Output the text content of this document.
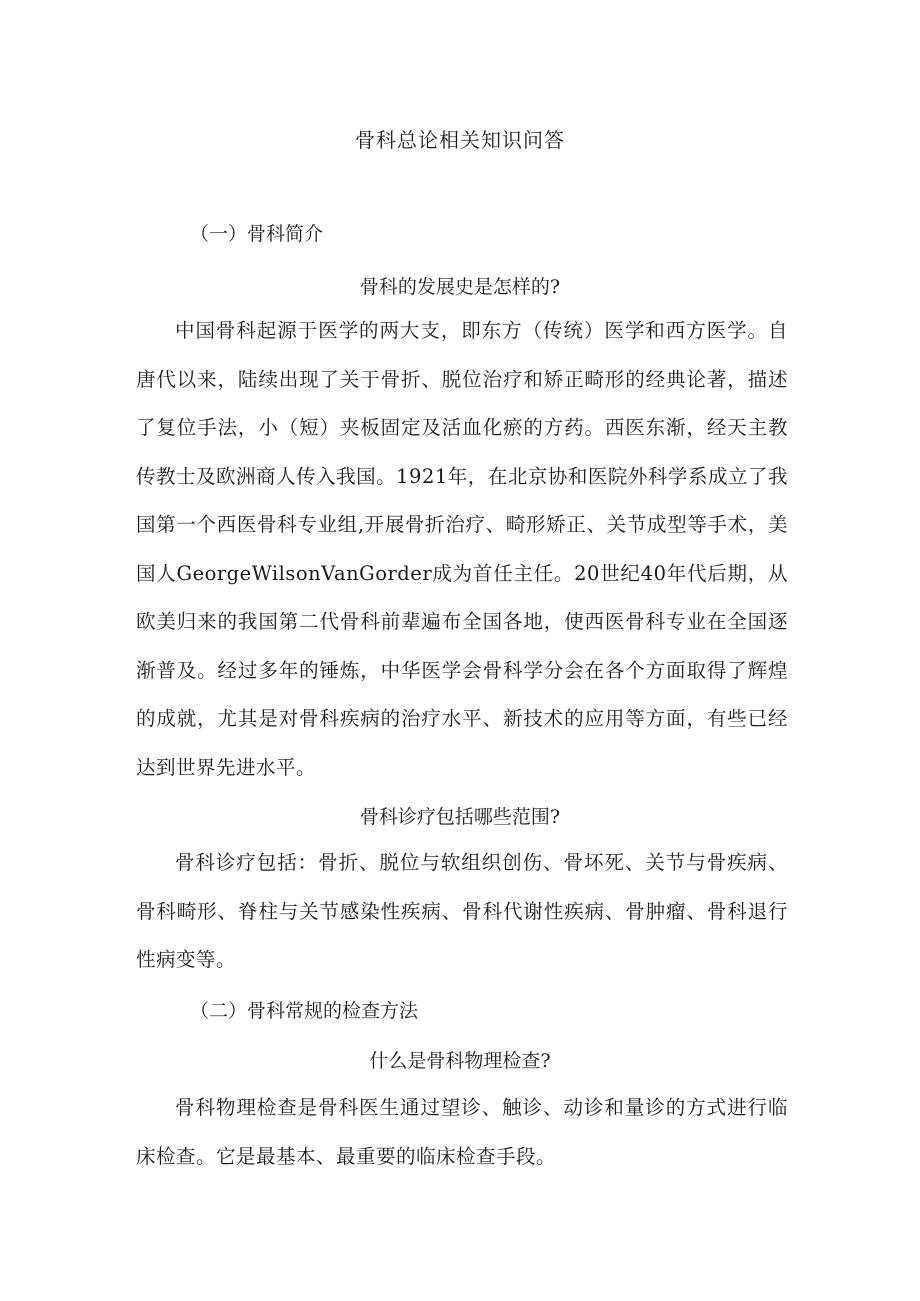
骨科总论相关知识问答
（一）骨科简介
骨科的发展史是怎样的?

中国骨科起源于医学的两大支，即东方（传统）医学和西方医学。自唐代以来，陆续出现了关于骨折、脱位治疗和矫正畸形的经典论著，描述了复位手法，小（短）夹板固定及活血化瘀的方药。西医东渐，经天主教传教士及欧洲商人传入我国。1921年，在北京协和医院外科学系成立了我国第一个西医骨科专业组,开展骨折治疗、畸形矫正、关节成型等手术，美国人GeorgeWilsonVanGorder成为首任主任。20世纪40年代后期，从欧美归来的我国第二代骨科前辈遍布全国各地，使西医骨科专业在全国逐渐普及。经过多年的锤炼，中华医学会骨科学分会在各个方面取得了辉煌的成就，尤其是对骨科疾病的治疗水平、新技术的应用等方面，有些已经达到世界先进水平。

骨科诊疗包括哪些范围?

骨科诊疗包括：骨折、脱位与软组织创伤、骨坏死、关节与骨疾病、骨科畸形、脊柱与关节感染性疾病、骨科代谢性疾病、骨肿瘤、骨科退行性病变等。

（二）骨科常规的检查方法
什么是骨科物理检查?

骨科物理检查是骨科医生通过望诊、触诊、动诊和量诊的方式进行临床检查。它是最基本、最重要的临床检查手段。
